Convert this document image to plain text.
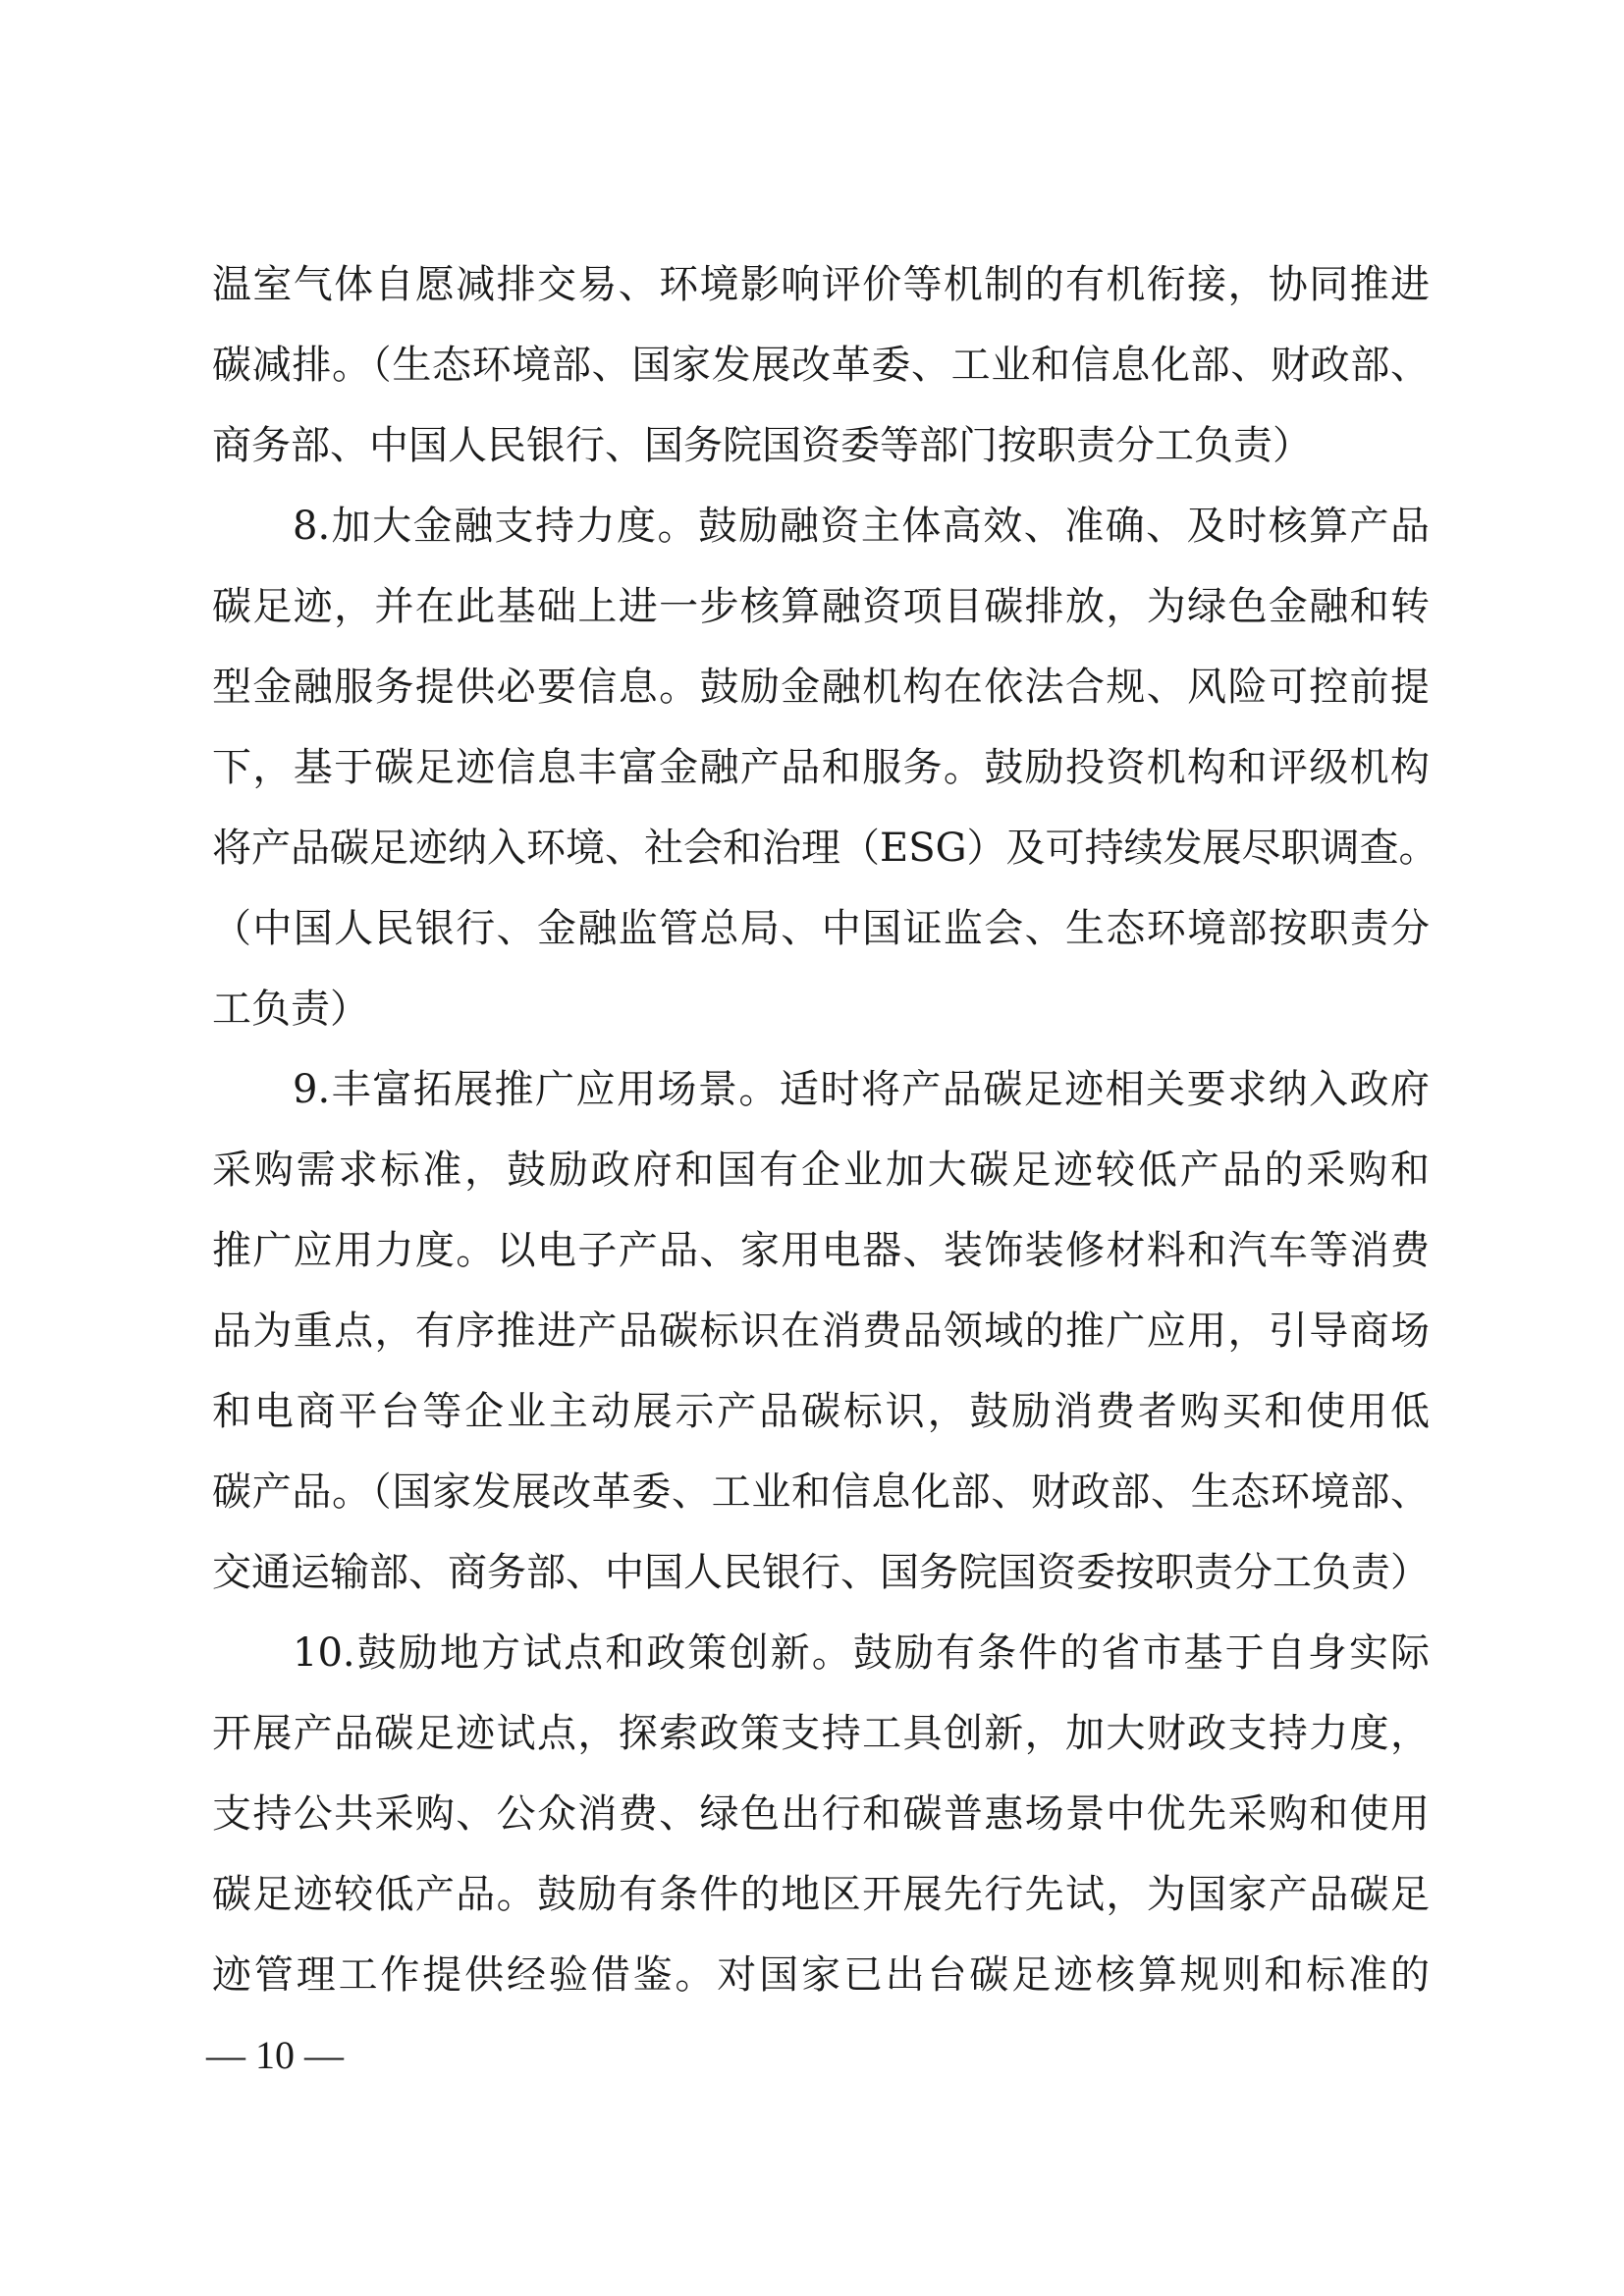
温室气体自愿减排交易、环境影响评价等机制的有机衔接，协同推进
碳减排。（生态环境部、国家发展改革委、工业和信息化部、财政部、
商务部、中国人民银行、国务院国资委等部门按职责分工负责）
8.加大金融支持力度。鼓励融资主体高效、准确、及时核算产品
碳足迹，并在此基础上进一步核算融资项目碳排放，为绿色金融和转
型金融服务提供必要信息。鼓励金融机构在依法合规、风险可控前提
下，基于碳足迹信息丰富金融产品和服务。鼓励投资机构和评级机构
将产品碳足迹纳入环境、社会和治理（ESG）及可持续发展尽职调查。
（中国人民银行、金融监管总局、中国证监会、生态环境部按职责分
工负责）
9.丰富拓展推广应用场景。适时将产品碳足迹相关要求纳入政府
采购需求标准，鼓励政府和国有企业加大碳足迹较低产品的采购和
推广应用力度。以电子产品、家用电器、装饰装修材料和汽车等消费
品为重点，有序推进产品碳标识在消费品领域的推广应用，引导商场
和电商平台等企业主动展示产品碳标识，鼓励消费者购买和使用低
碳产品。（国家发展改革委、工业和信息化部、财政部、生态环境部、
交通运输部、商务部、中国人民银行、国务院国资委按职责分工负责）
10.鼓励地方试点和政策创新。鼓励有条件的省市基于自身实际
开展产品碳足迹试点，探索政策支持工具创新，加大财政支持力度，
支持公共采购、公众消费、绿色出行和碳普惠场景中优先采购和使用
碳足迹较低产品。鼓励有条件的地区开展先行先试，为国家产品碳足
迹管理工作提供经验借鉴。对国家已出台碳足迹核算规则和标准的
— 10 —
